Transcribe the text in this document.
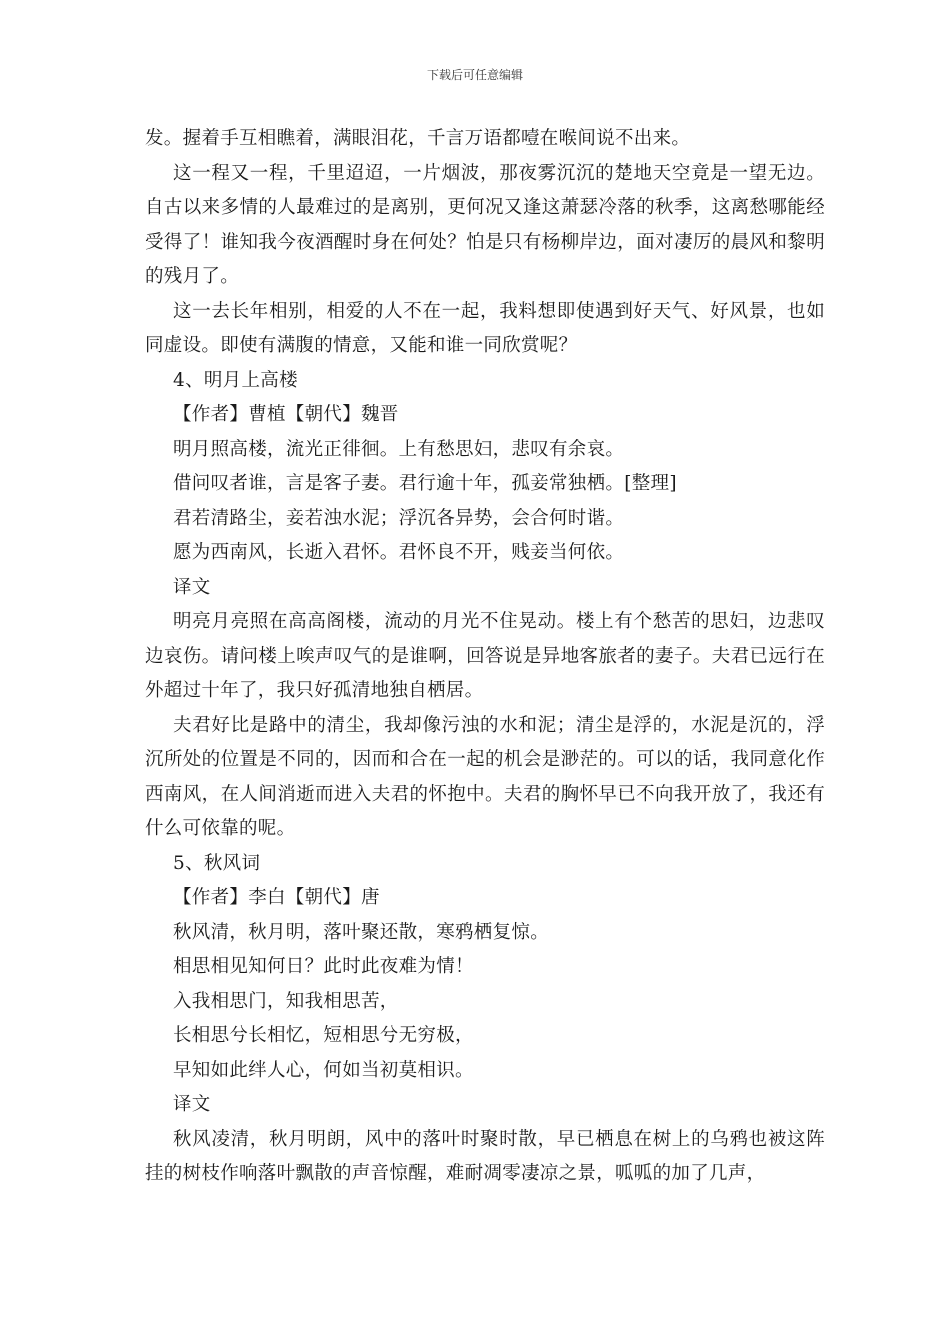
下载后可任意编辑

发。握着手互相瞧着，满眼泪花，千言万语都噎在喉间说不出来。

这一程又一程，千里迢迢，一片烟波，那夜雾沉沉的楚地天空竟是一望无边。自古以来多情的人最难过的是离别，更何况又逢这萧瑟冷落的秋季，这离愁哪能经受得了！谁知我今夜酒醒时身在何处？怕是只有杨柳岸边，面对凄厉的晨风和黎明的残月了。

这一去长年相别，相爱的人不在一起，我料想即使遇到好天气、好风景，也如同虚设。即使有满腹的情意，又能和谁一同欣赏呢？

4、明月上高楼

【作者】曹植【朝代】魏晋

明月照高楼，流光正徘徊。上有愁思妇，悲叹有余哀。

借问叹者谁，言是客子妻。君行逾十年，孤妾常独栖。[整理]

君若清路尘，妾若浊水泥；浮沉各异势，会合何时谐。

愿为西南风，长逝入君怀。君怀良不开，贱妾当何依。

译文

明亮月亮照在高高阁楼，流动的月光不住晃动。楼上有个愁苦的思妇，边悲叹边哀伤。请问楼上唉声叹气的是谁啊，回答说是异地客旅者的妻子。夫君已远行在外超过十年了，我只好孤清地独自栖居。

夫君好比是路中的清尘，我却像污浊的水和泥；清尘是浮的，水泥是沉的，浮沉所处的位置是不同的，因而和合在一起的机会是渺茫的。可以的话，我同意化作西南风，在人间消逝而进入夫君的怀抱中。夫君的胸怀早已不向我开放了，我还有什么可依靠的呢。

5、秋风词

【作者】李白【朝代】唐

秋风清，秋月明，落叶聚还散，寒鸦栖复惊。

相思相见知何日？此时此夜难为情！

入我相思门，知我相思苦，

长相思兮长相忆，短相思兮无穷极，

早知如此绊人心，何如当初莫相识。

译文

秋风凌清，秋月明朗，风中的落叶时聚时散，早已栖息在树上的乌鸦也被这阵挂的树枝作响落叶飘散的声音惊醒，难耐凋零凄凉之景，呱呱的加了几声，
